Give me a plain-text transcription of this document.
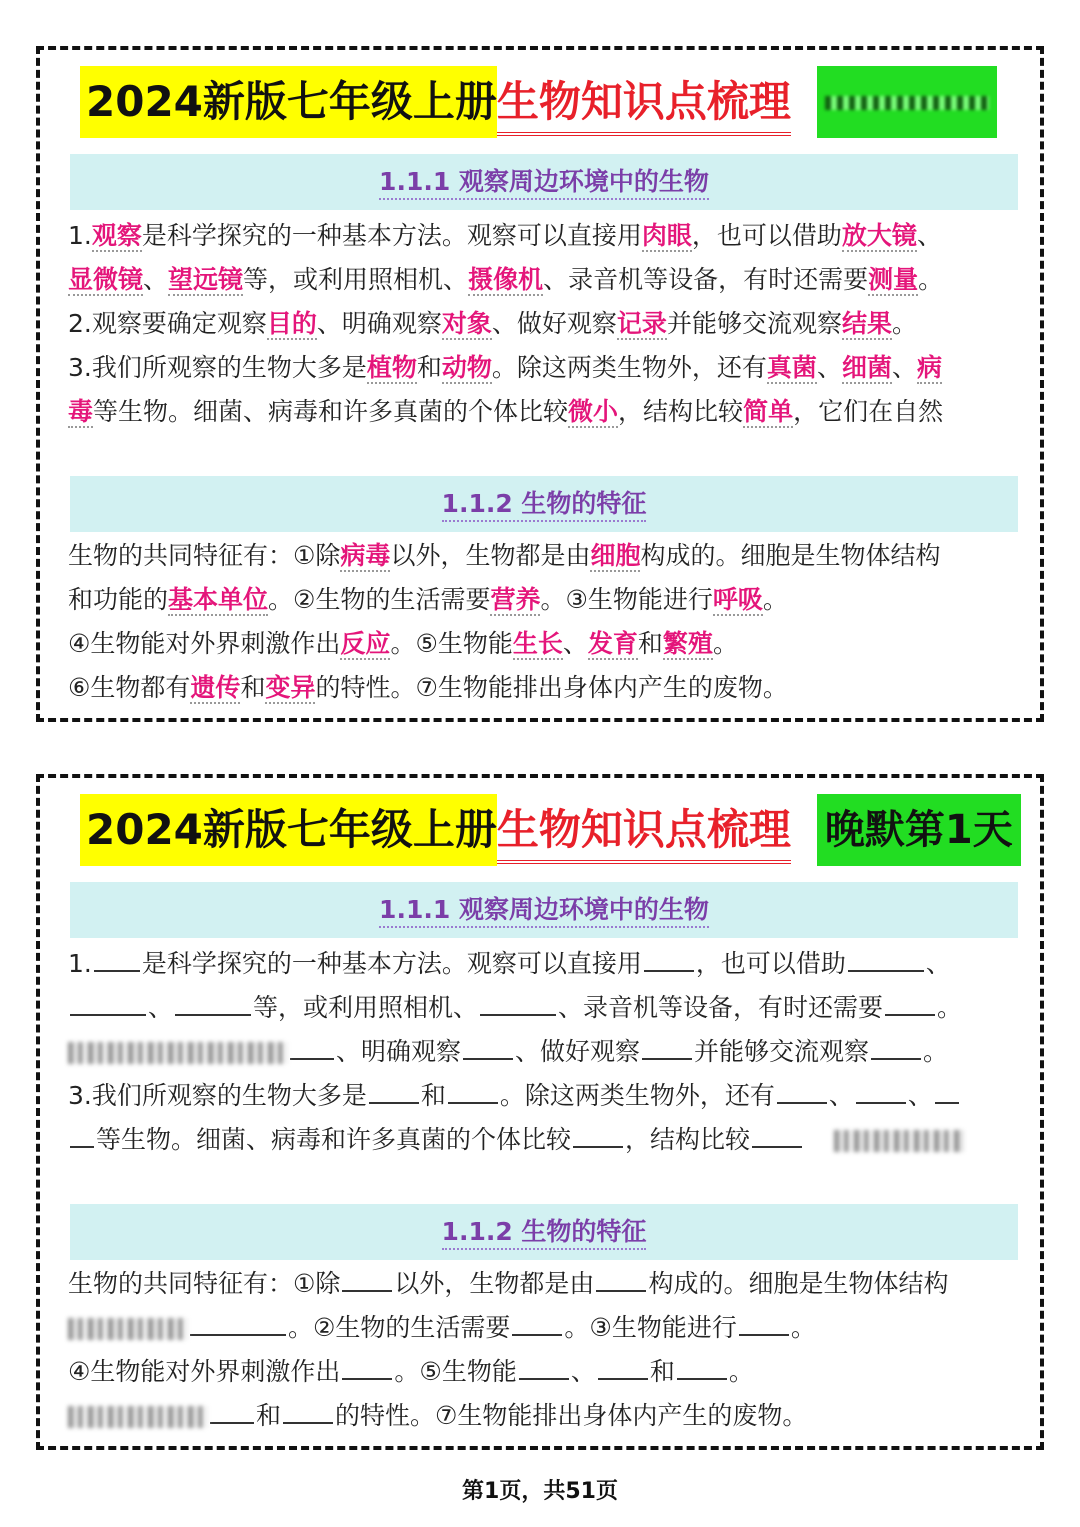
2024新版七年级上册 生物知识点梳理
1.1.1 观察周边环境中的生物
1.观察是科学探究的一种基本方法。观察可以直接用肉眼，也可以借助放大镜、
显微镜、望远镜等，或利用照相机、摄像机、录音机等设备，有时还需要测量。
2.观察要确定观察目的、明确观察对象、做好观察记录并能够交流观察结果。
3.我们所观察的生物大多是植物和动物。除这两类生物外，还有真菌、细菌、病
毒等生物。细菌、病毒和许多真菌的个体比较微小，结构比较简单，它们在自然
1.1.2 生物的特征
生物的共同特征有：①除病毒以外，生物都是由细胞构成的。细胞是生物体结构
和功能的基本单位。②生物的生活需要营养。③生物能进行呼吸。
④生物能对外界刺激作出反应。⑤生物能生长、发育和繁殖。
⑥生物都有遗传和变异的特性。⑦生物能排出身体内产生的废物。
2024新版七年级上册 生物知识点梳理 晚默第1天
1.1.1 观察周边环境中的生物
1. 是科学探究的一种基本方法。观察可以直接用 ，也可以借助	、
、	等，或利用照相机、	、录音机等设备，有时还需要 。
、明确观察 、做好观察 并能够交流观察 。
3.我们所观察的生物大多是 和 。除这两类生物外，还有 、 、
等生物。细菌、病毒和许多真菌的个体比较 ，结构比较
1.1.2 生物的特征
生物的共同特征有：①除 以外，生物都是由 构成的。细胞是生物体结构
。②生物的生活需要 。③生物能进行 。
④生物能对外界刺激作出 。⑤生物能 、 和 。
和 的特性。⑦生物能排出身体内产生的废物。
第1页，共51页
